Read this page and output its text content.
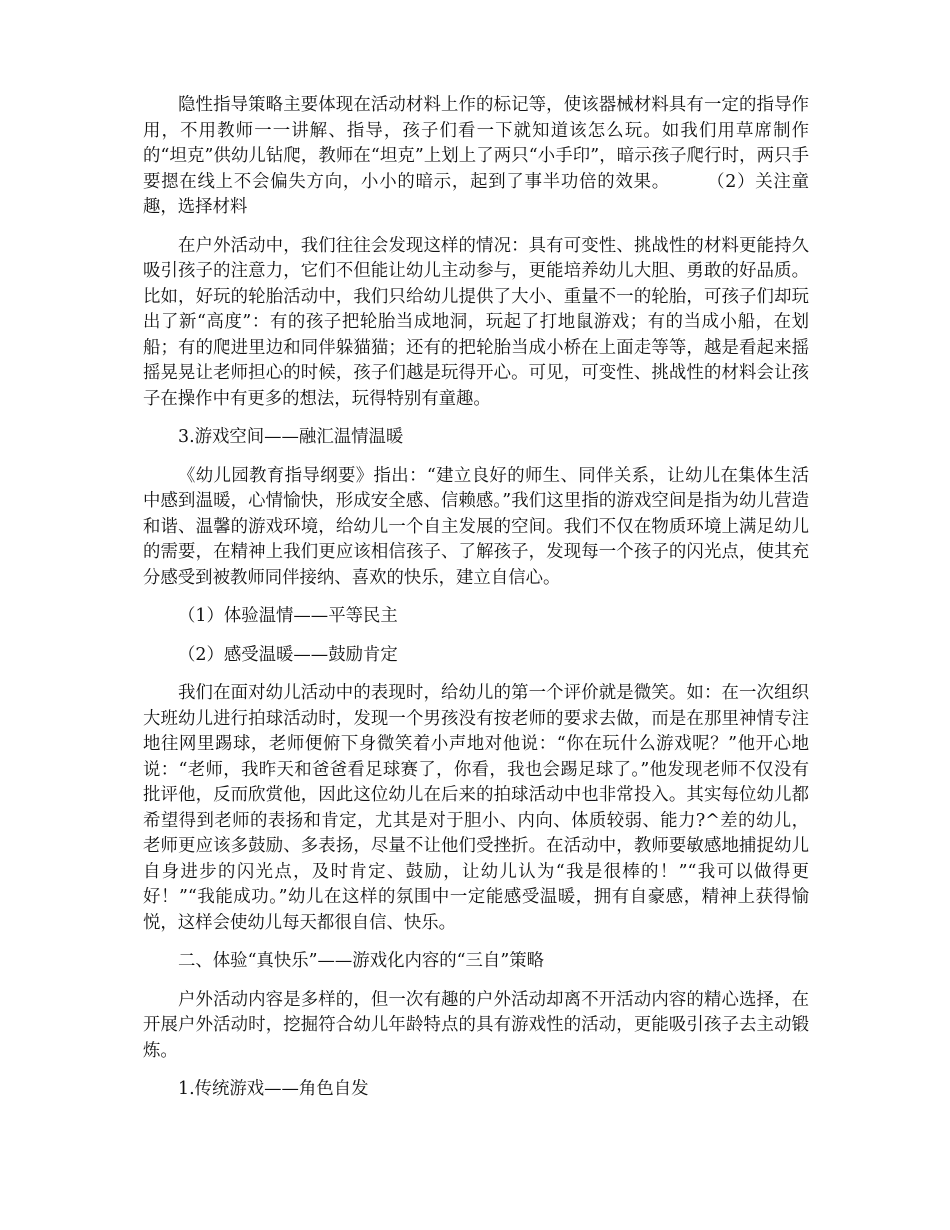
隐性指导策略主要体现在活动材料上作的标记等，使该器械材料具有一定的指导作用，不用教师一一讲解、指导，孩子们看一下就知道该怎么玩。如我们用草席制作的“坦克”供幼儿钻爬，教师在“坦克”上划上了两只“小手印”，暗示孩子爬行时，两只手要摁在线上不会偏失方向，小小的暗示，起到了事半功倍的效果。　　　（2）关注童趣，选择材料

在户外活动中，我们往往会发现这样的情况：具有可变性、挑战性的材料更能持久吸引孩子的注意力，它们不但能让幼儿主动参与，更能培养幼儿大胆、勇敢的好品质。比如，好玩的轮胎活动中，我们只给幼儿提供了大小、重量不一的轮胎，可孩子们却玩出了新“高度”：有的孩子把轮胎当成地洞，玩起了打地鼠游戏；有的当成小船，在划船；有的爬进里边和同伴躲猫猫；还有的把轮胎当成小桥在上面走等等，越是看起来摇摇晃晃让老师担心的时候，孩子们越是玩得开心。可见，可变性、挑战性的材料会让孩子在操作中有更多的想法，玩得特别有童趣。

3.游戏空间——融汇温情温暖

《幼儿园教育指导纲要》指出：“建立良好的师生、同伴关系，让幼儿在集体生活中感到温暖，心情愉快，形成安全感、信赖感。”我们这里指的游戏空间是指为幼儿营造和谐、温馨的游戏环境，给幼儿一个自主发展的空间。我们不仅在物质环境上满足幼儿的需要，在精神上我们更应该相信孩子、了解孩子，发现每一个孩子的闪光点，使其充分感受到被教师同伴接纳、喜欢的快乐，建立自信心。

（1）体验温情——平等民主

（2）感受温暖——鼓励肯定

我们在面对幼儿活动中的表现时，给幼儿的第一个评价就是微笑。如：在一次组织大班幼儿进行拍球活动时，发现一个男孩没有按老师的要求去做，而是在那里神情专注地往网里踢球，老师便俯下身微笑着小声地对他说：“你在玩什么游戏呢？”他开心地说：“老师，我昨天和爸爸看足球赛了，你看，我也会踢足球了。”他发现老师不仅没有批评他，反而欣赏他，因此这位幼儿在后来的拍球活动中也非常投入。其实每位幼儿都希望得到老师的表扬和肯定，尤其是对于胆小、内向、体质较弱、能力?^差的幼儿，老师更应该多鼓励、多表扬，尽量不让他们受挫折。在活动中，教师要敏感地捕捉幼儿自身进步的闪光点，及时肯定、鼓励，让幼儿认为“我是很棒的！”“我可以做得更好！”“我能成功。”幼儿在这样的氛围中一定能感受温暖，拥有自豪感，精神上获得愉悦，这样会使幼儿每天都很自信、快乐。

二、体验“真快乐”——游戏化内容的“三自”策略

户外活动内容是多样的，但一次有趣的户外活动却离不开活动内容的精心选择，在开展户外活动时，挖掘符合幼儿年龄特点的具有游戏性的活动，更能吸引孩子去主动锻炼。

1.传统游戏——角色自发
